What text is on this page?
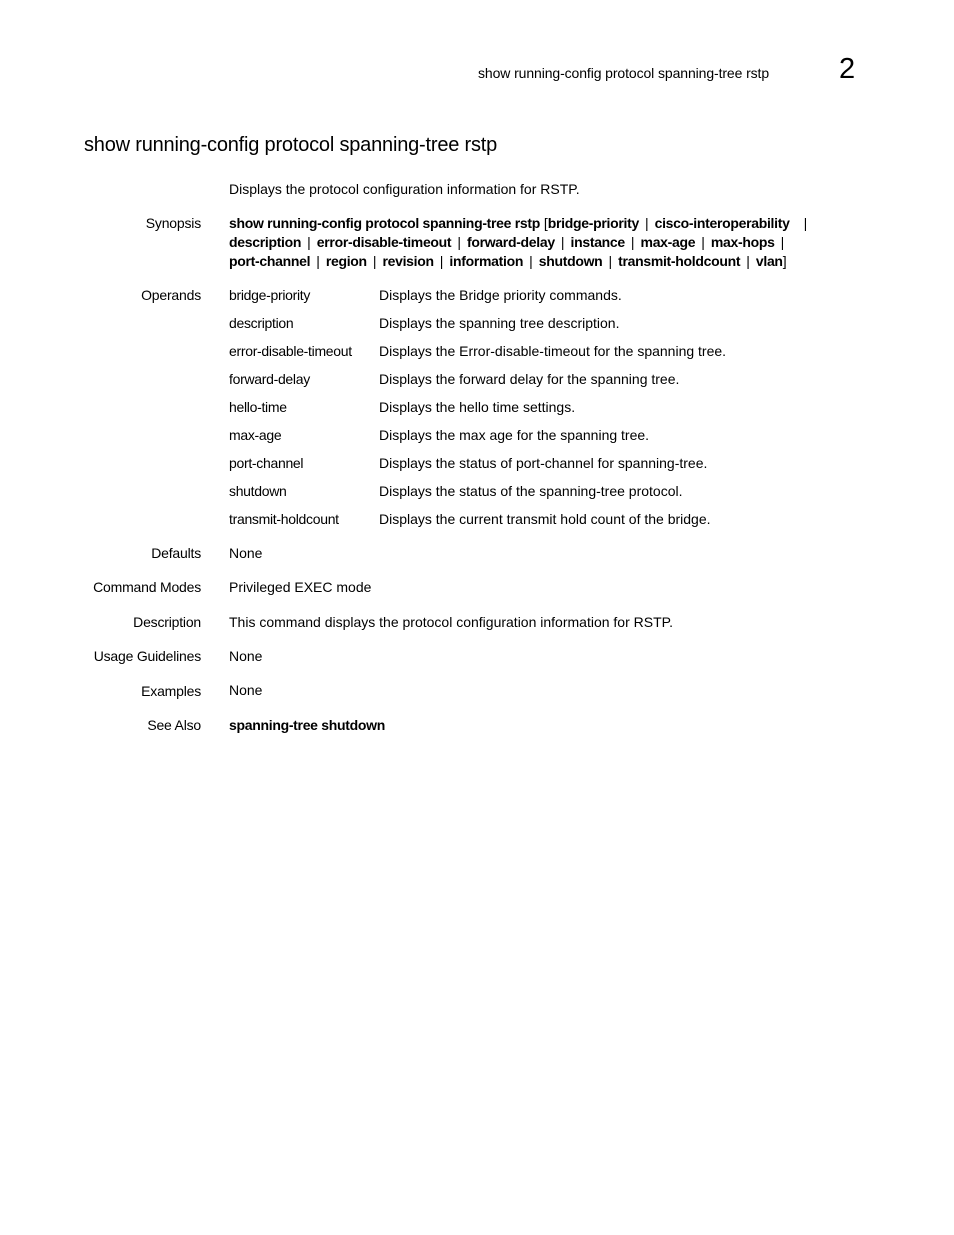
show running-config protocol spanning-tree rstp 2
show running-config protocol spanning-tree rstp
Displays the protocol configuration information for RSTP.
Synopsis show running-config protocol spanning-tree rstp [bridge-priority | cisco-interoperability |
description | error-disable-timeout | forward-delay | instance | max-age | max-hops |
port-channel | region | revision | information | shutdown | transmit-holdcount | vlan]
Operands bridge-priority	Displays the Bridge priority commands.
description	Displays the spanning tree description.
error-disable-timeout Displays the Error-disable-timeout for the spanning tree.
forward-delay	Displays the forward delay for the spanning tree.
hello-time	Displays the hello time settings.
max-age	Displays the max age for the spanning tree.
port-channel	Displays the status of port-channel for spanning-tree.
shutdown	Displays the status of the spanning-tree protocol.
transmit-holdcount	Displays the current transmit hold count of the bridge.
Defaults None
Command Modes Privileged EXEC mode
Description This command displays the protocol configuration information for RSTP.
Usage Guidelines None
Examples None
See Also spanning-tree shutdown
